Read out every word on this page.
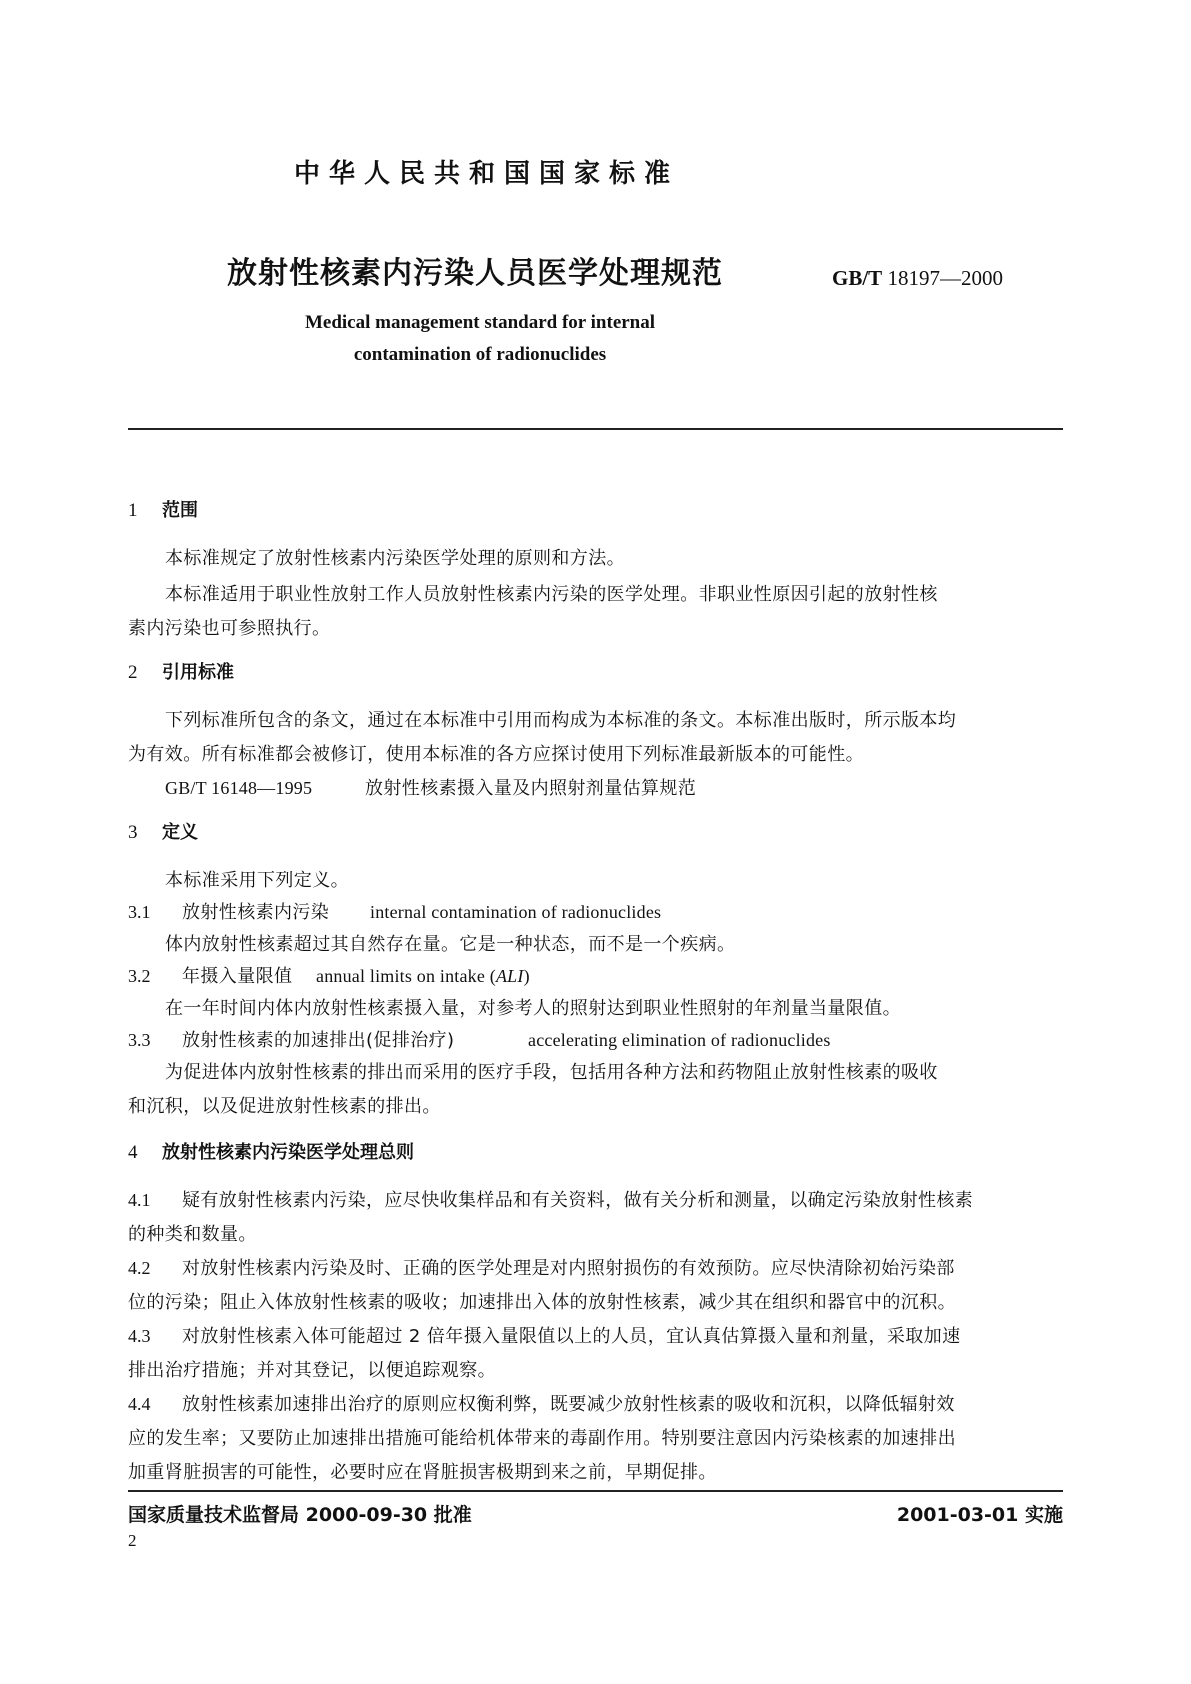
中华人民共和国国家标准
放射性核素内污染人员医学处理规范	GB/T 18197—2000
Medical management standard for internal
contamination of radionuclides
1 范围
本标准规定了放射性核素内污染医学处理的原则和方法。
本标准适用于职业性放射工作人员放射性核素内污染的医学处理。非职业性原因引起的放射性核
素内污染也可参照执行。
2 引用标准
下列标准所包含的条文，通过在本标准中引用而构成为本标准的条文。本标准出版时，所示版本均
为有效。所有标准都会被修订，使用本标准的各方应探讨使用下列标准最新版本的可能性。
GB/T 16148—1995	放射性核素摄入量及内照射剂量估算规范
3 定义
本标准采用下列定义。
3.1 放射性核素内污染 internal contamination of radionuclides
体内放射性核素超过其自然存在量。它是一种状态，而不是一个疾病。
3.2 年摄入量限值 annual limits on intake (ALI)
在一年时间内体内放射性核素摄入量，对参考人的照射达到职业性照射的年剂量当量限值。
3.3 放射性核素的加速排出(促排治疗)	accelerating elimination of radionuclides
为促进体内放射性核素的排出而采用的医疗手段，包括用各种方法和药物阻止放射性核素的吸收
和沉积，以及促进放射性核素的排出。
4 放射性核素内污染医学处理总则
4.1 疑有放射性核素内污染，应尽快收集样品和有关资料，做有关分析和测量，以确定污染放射性核素
的种类和数量。
4.2 对放射性核素内污染及时、正确的医学处理是对内照射损伤的有效预防。应尽快清除初始污染部
位的污染；阻止入体放射性核素的吸收；加速排出入体的放射性核素，减少其在组织和器官中的沉积。
4.3 对放射性核素入体可能超过 2 倍年摄入量限值以上的人员，宜认真估算摄入量和剂量，采取加速
排出治疗措施；并对其登记，以便追踪观察。
4.4 放射性核素加速排出治疗的原则应权衡利弊，既要减少放射性核素的吸收和沉积，以降低辐射效
应的发生率；又要防止加速排出措施可能给机体带来的毒副作用。特别要注意因内污染核素的加速排出
加重肾脏损害的可能性，必要时应在肾脏损害极期到来之前，早期促排。
国家质量技术监督局 2000-09-30 批准	2001-03-01 实施
2
